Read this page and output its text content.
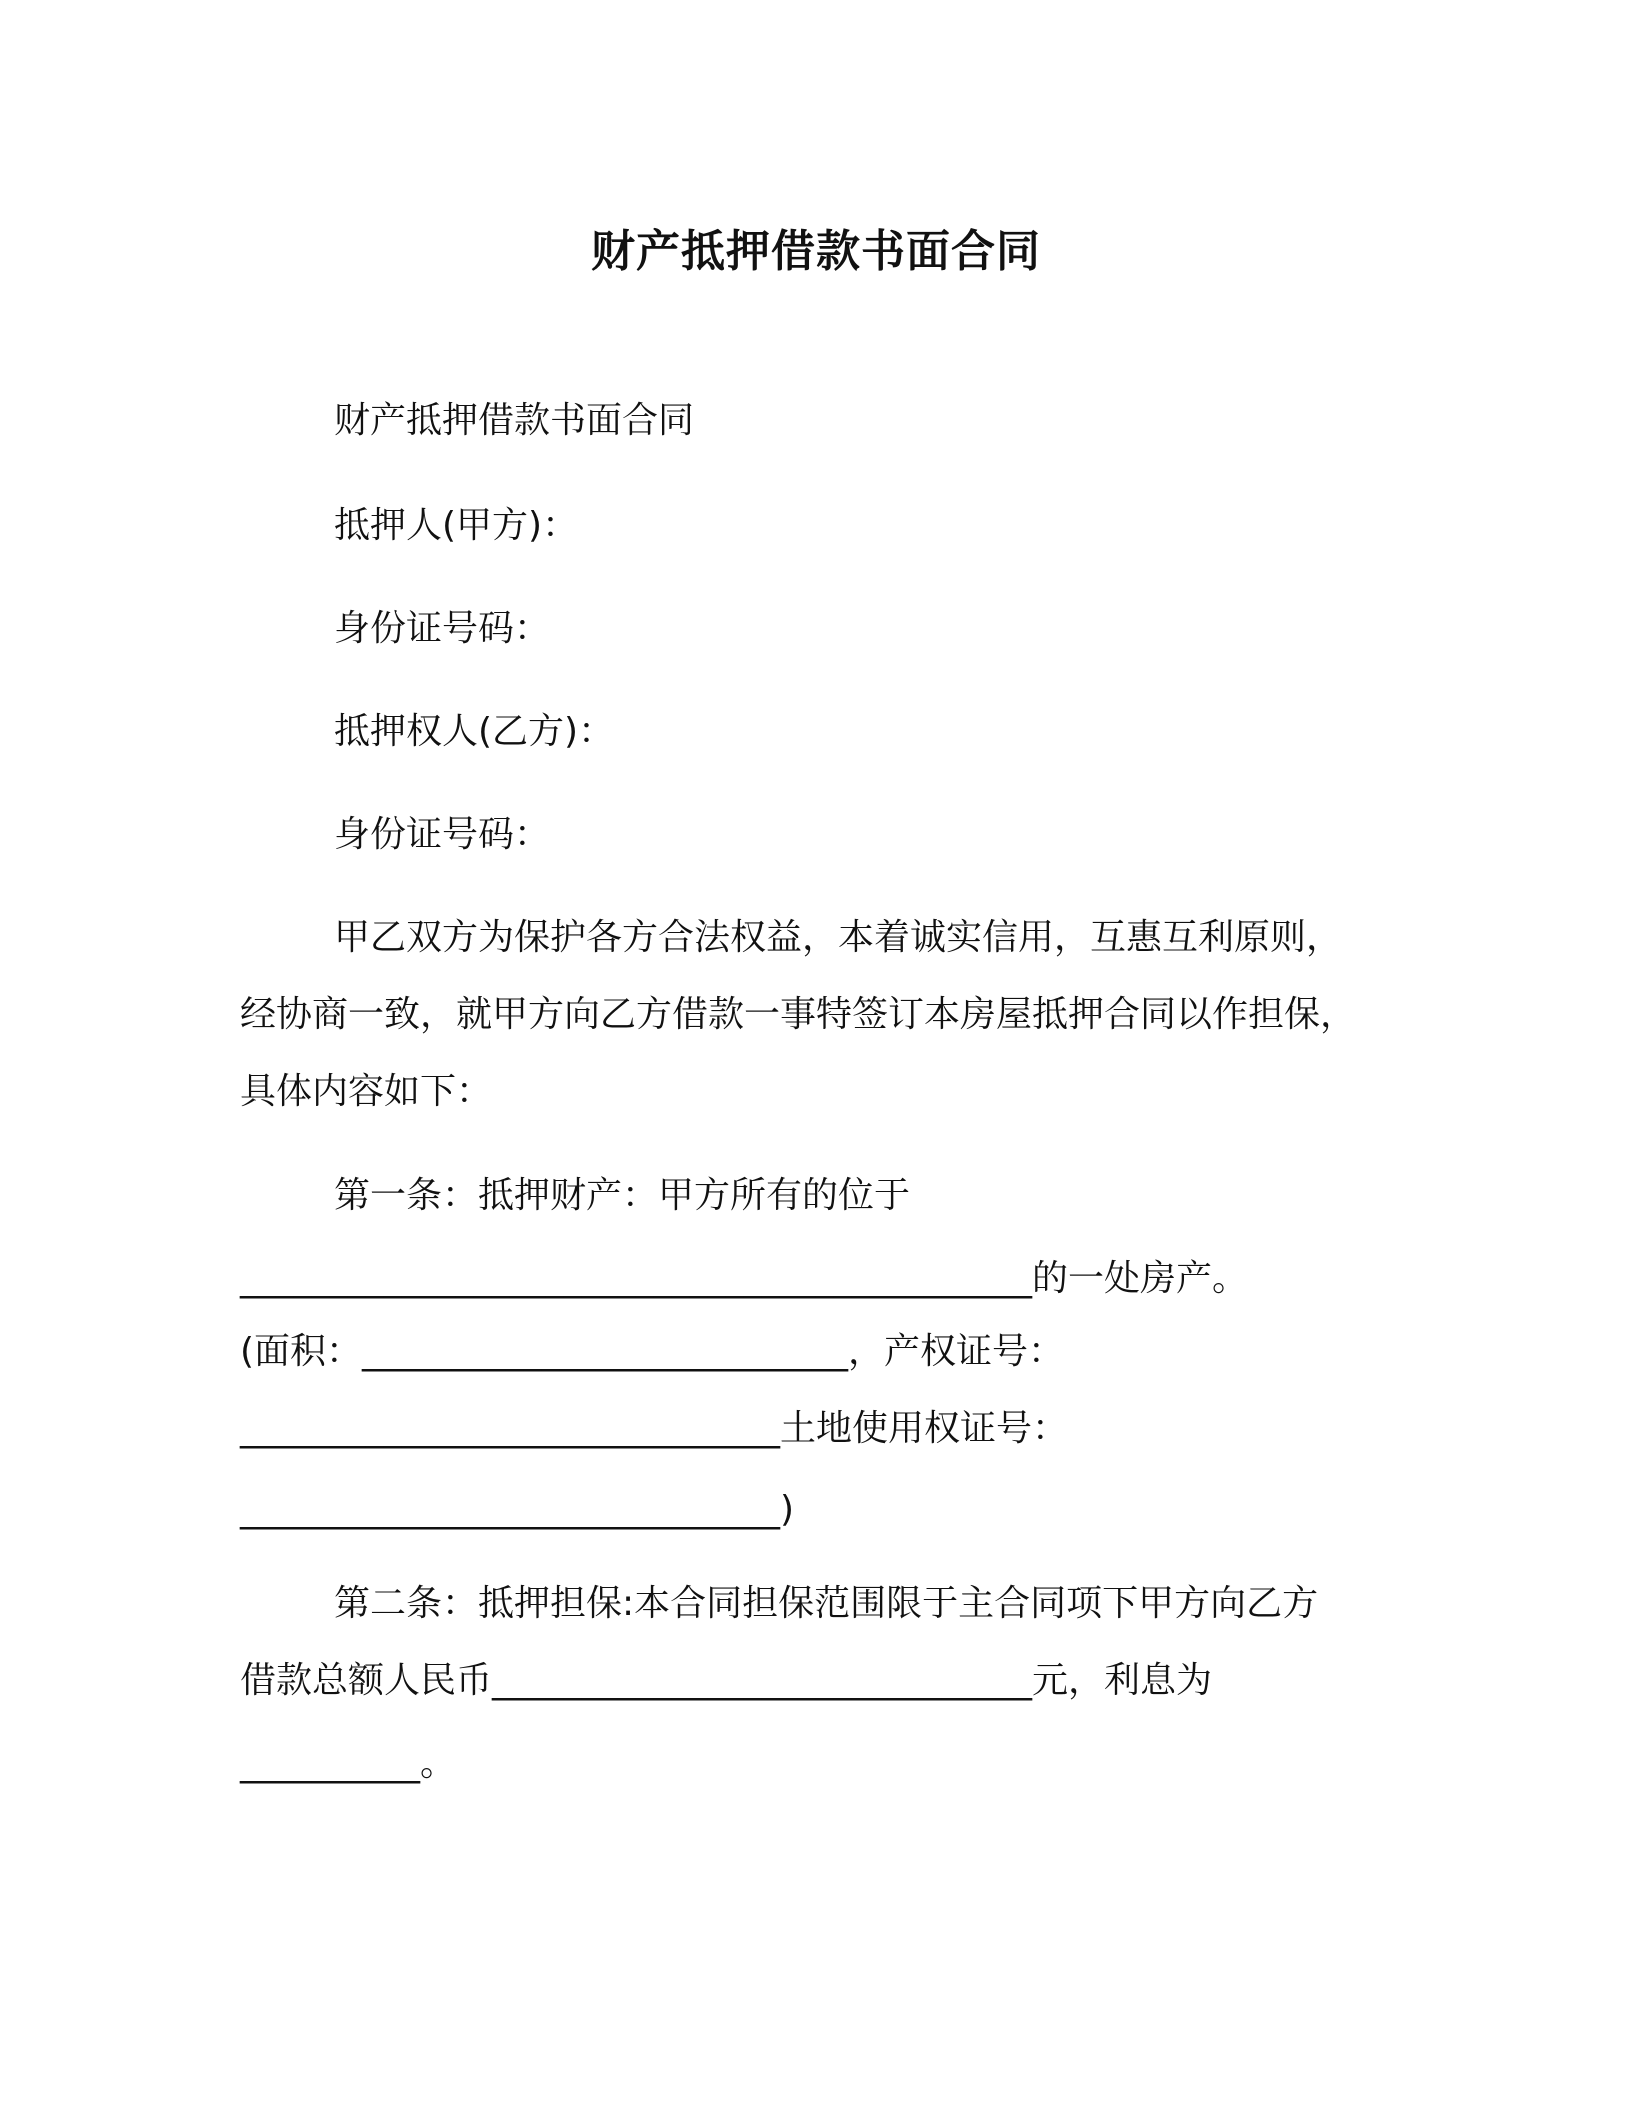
财产抵押借款书面合同
财产抵押借款书面合同
抵押人(甲方)：
身份证号码：
抵押权人(乙方)：
身份证号码：
甲乙双方为保护各方合法权益，本着诚实信用，互惠互利原则，
经协商一致，就甲方向乙方借款一事特签订本房屋抵押合同以作担保，
具体内容如下：
第一条：抵押财产：甲方所有的位于
____________________________________________的一处房产。
(面积：___________________________，产权证号：
______________________________土地使用权证号：
______________________________)
第二条：抵押担保:本合同担保范围限于主合同项下甲方向乙方
借款总额人民币______________________________元，利息为
__________。
